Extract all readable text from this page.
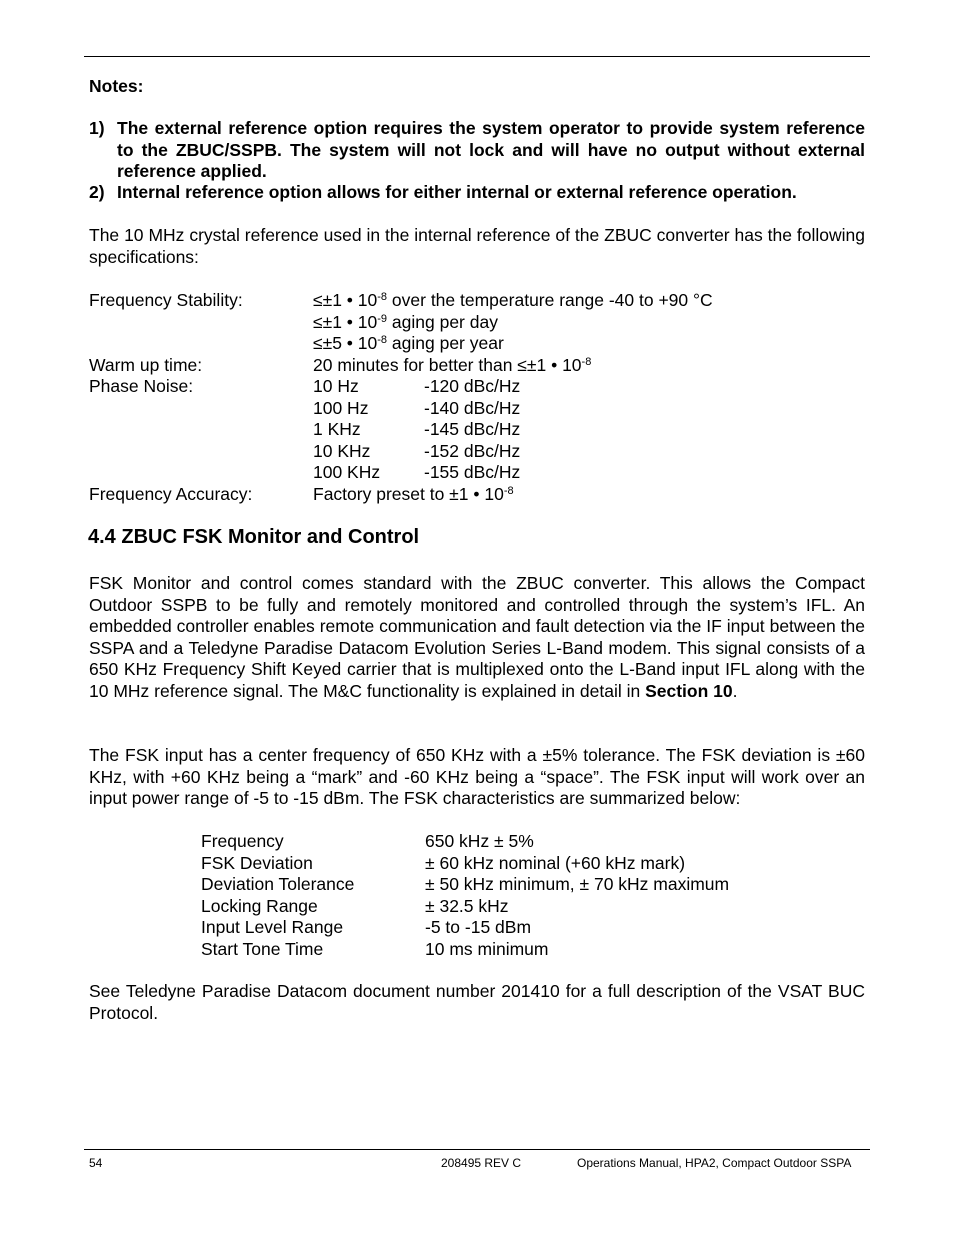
Notes:
1) The external reference option requires the system operator to provide system reference to the ZBUC/SSPB. The system will not lock and will have no output without external reference applied.
2) Internal reference option allows for either internal or external reference operation.
The 10 MHz crystal reference used in the internal reference of the ZBUC converter has the following specifications:
Frequency Stability:	≤±1 • $10^{-8}$ over the temperature range -40 to +90 °C
≤±1 • $10^{-9}$ aging per day
≤±5 • $10^{-8}$ aging per year
Warm up time:	20 minutes for better than ≤±1 • $10^{-8}$
Phase Noise:	10 Hz	-120 dBc/Hz
100 Hz	-140 dBc/Hz
1 KHz	-145 dBc/Hz
10 KHz	-152 dBc/Hz
100 KHz	-155 dBc/Hz
Frequency Accuracy:	Factory preset to ±1 • $10^{-8}$
4.4 ZBUC FSK Monitor and Control
FSK Monitor and control comes standard with the ZBUC converter. This allows the Compact Outdoor SSPB to be fully and remotely monitored and controlled through the system’s IFL. An embedded controller enables remote communication and fault detection via the IF input between the SSPA and a Teledyne Paradise Datacom Evolution Series L-Band modem. This signal consists of a 650 KHz Frequency Shift Keyed carrier that is multiplexed onto the L-Band input IFL along with the 10 MHz reference signal. The M&C functionality is explained in detail in Section 10.
The FSK input has a center frequency of 650 KHz with a ±5% tolerance. The FSK deviation is ±60 KHz, with +60 KHz being a “mark” and -60 KHz being a “space”. The FSK input will work over an input power range of -5 to -15 dBm. The FSK characteristics are summarized below:
Frequency	650 kHz ± 5%
FSK Deviation	± 60 kHz nominal (+60 kHz mark)
Deviation Tolerance	± 50 kHz minimum, ± 70 kHz maximum
Locking Range	± 32.5 kHz
Input Level Range	-5 to -15 dBm
Start Tone Time	10 ms minimum
See Teledyne Paradise Datacom document number 201410 for a full description of the VSAT BUC Protocol.
54	208495 REV C	Operations Manual, HPA2, Compact Outdoor SSPA
